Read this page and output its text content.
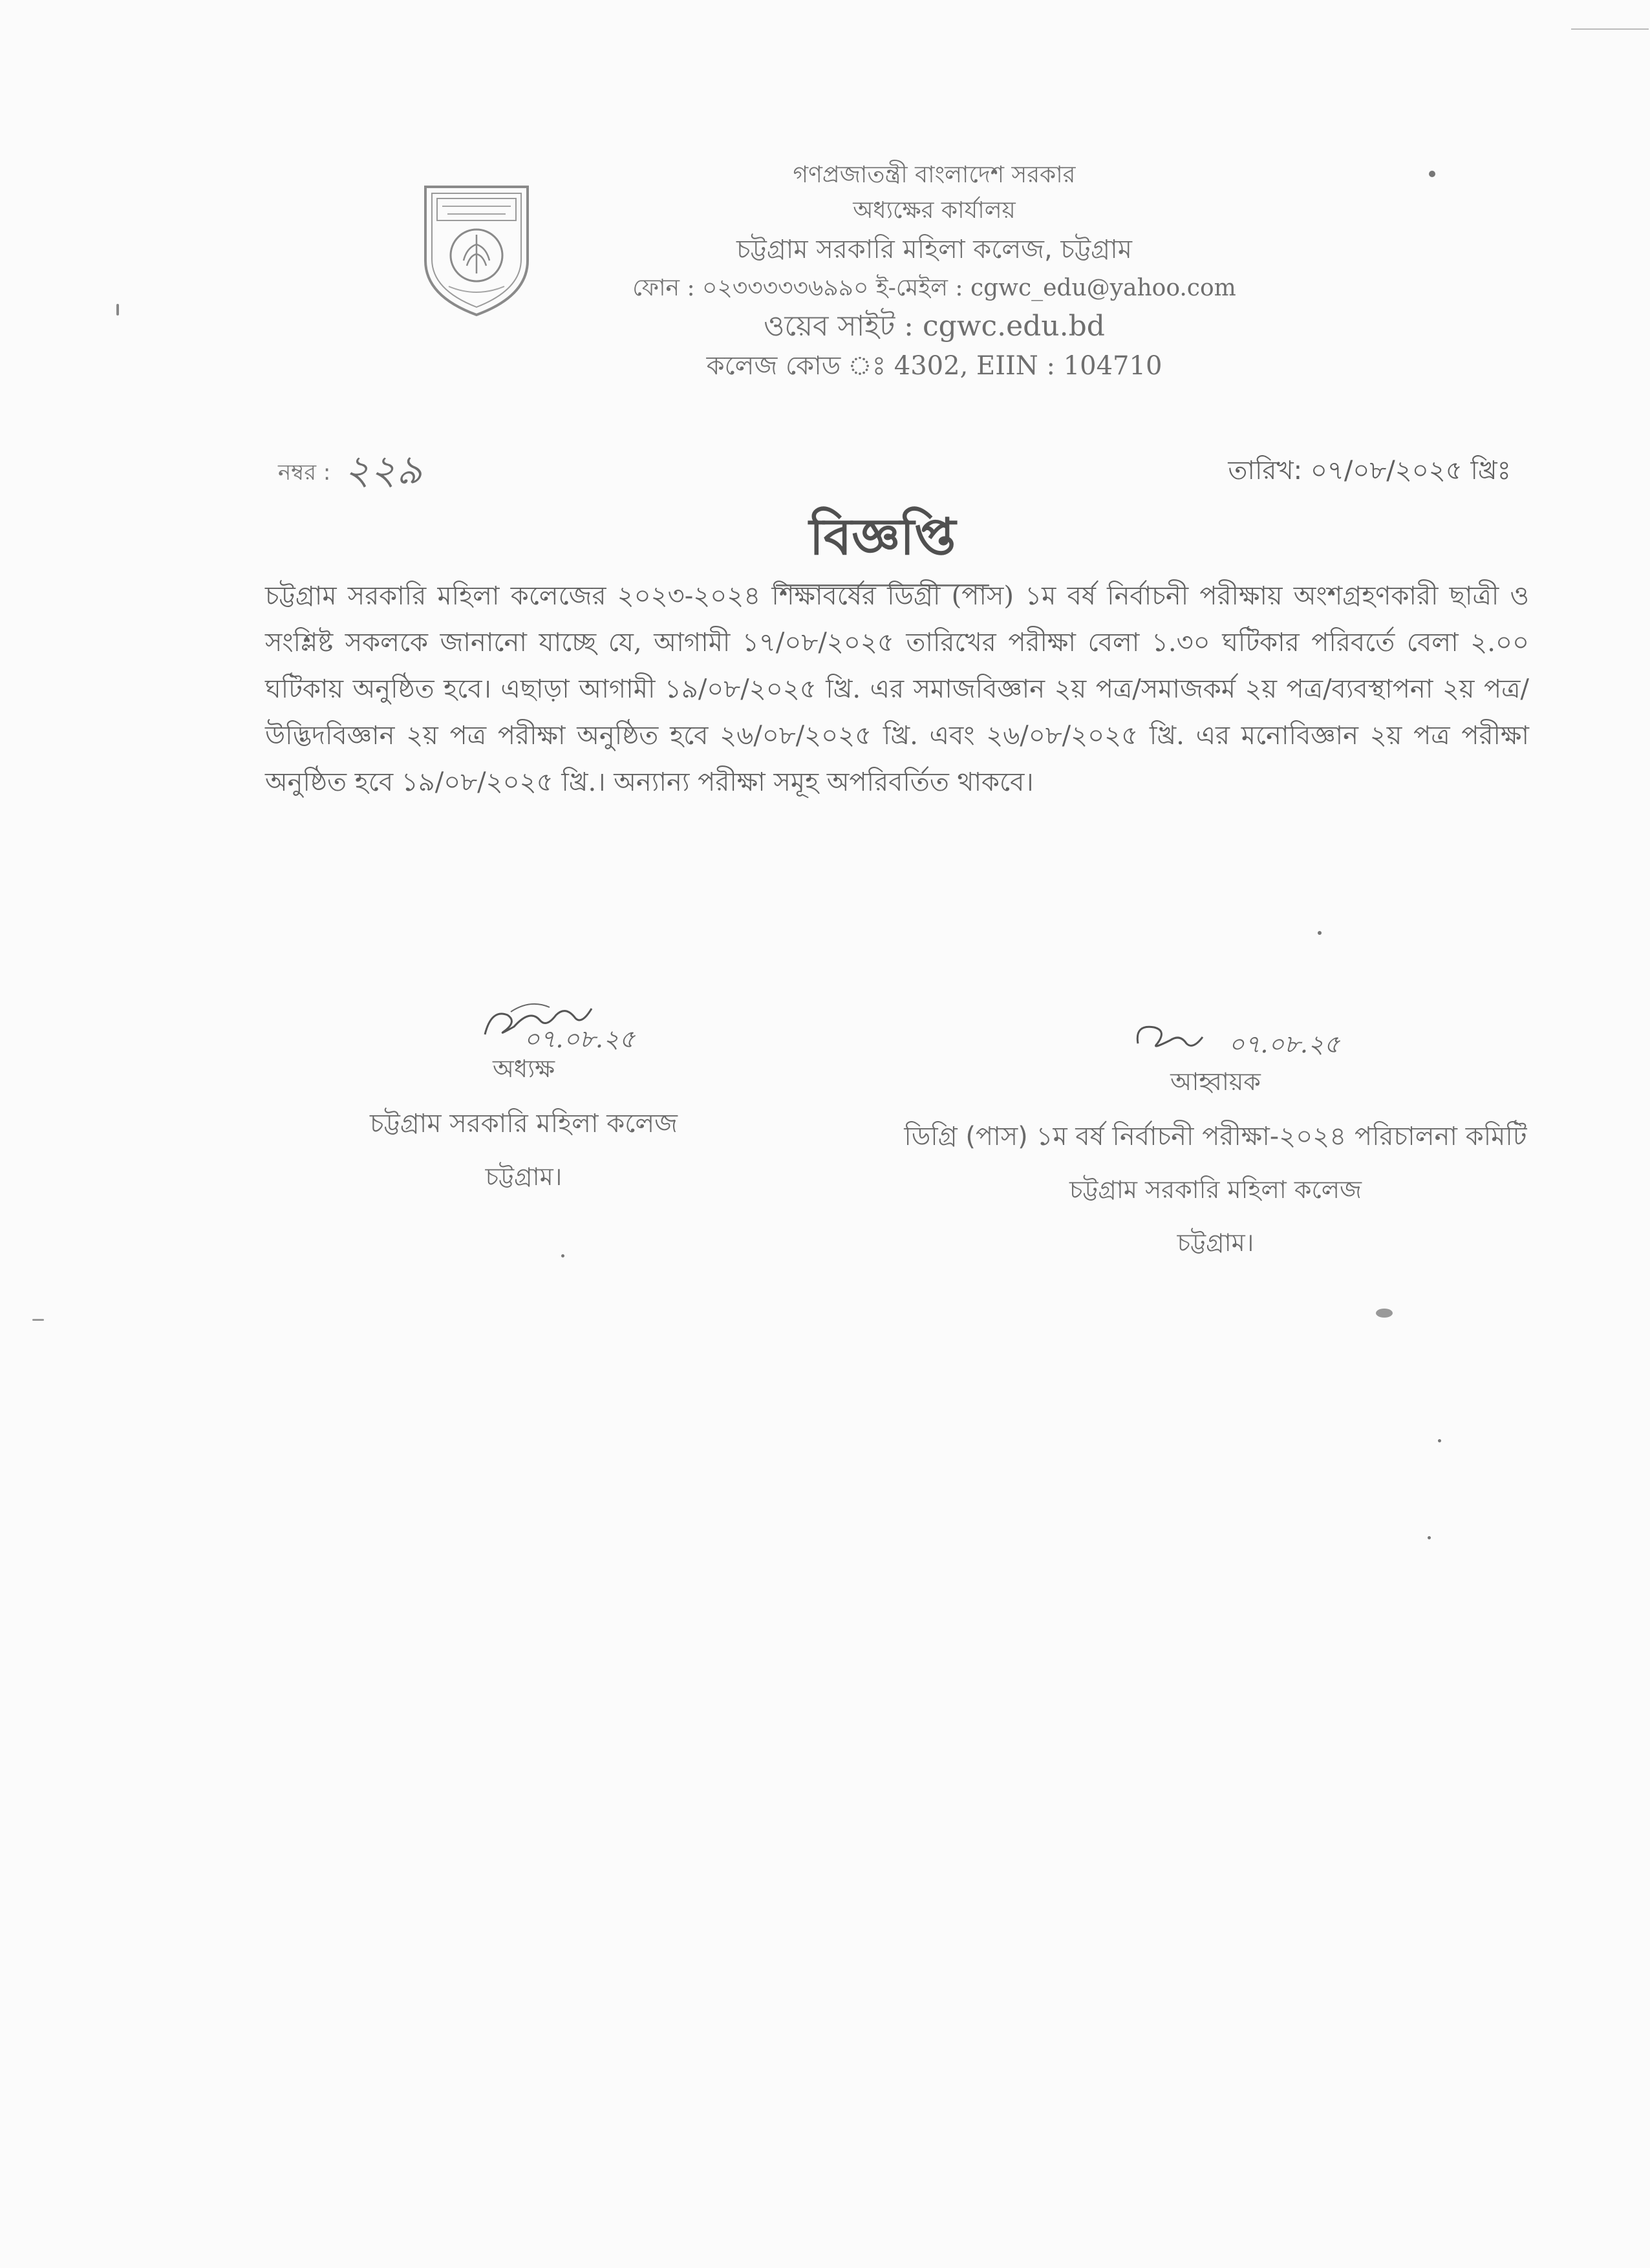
গণপ্রজাতন্ত্রী বাংলাদেশ সরকার
অধ্যক্ষের কার্যালয়
চট্টগ্রাম সরকারি মহিলা কলেজ, চট্টগ্রাম
ফোন : ০২৩৩৩৩৩৬৯৯০ ই-মেইল : cgwc_edu@yahoo.com
ওয়েব সাইট : cgwc.edu.bd
কলেজ কোড ঃ 4302, EIIN : 104710
নম্বর : ২২৯	তারিখ: ০৭/০৮/২০২৫ খ্রিঃ
বিজ্ঞপ্তি
চট্টগ্রাম সরকারি মহিলা কলেজের ২০২৩-২০২৪ শিক্ষাবর্ষের ডিগ্রী (পাস) ১ম বর্ষ নির্বাচনী পরীক্ষায় অংশগ্রহণকারী ছাত্রী ও সংশ্লিষ্ট সকলকে জানানো যাচ্ছে যে, আগামী ১৭/০৮/২০২৫ তারিখের পরীক্ষা বেলা ১.৩০ ঘটিকার পরিবর্তে বেলা ২.০০ ঘটিকায় অনুষ্ঠিত হবে। এছাড়া আগামী ১৯/০৮/২০২৫ খ্রি. এর সমাজবিজ্ঞান ২য় পত্র/সমাজকর্ম ২য় পত্র/ব্যবস্থাপনা ২য় পত্র/উদ্ভিদবিজ্ঞান ২য় পত্র পরীক্ষা অনুষ্ঠিত হবে ২৬/০৮/২০২৫ খ্রি. এবং ২৬/০৮/২০২৫ খ্রি. এর মনোবিজ্ঞান ২য় পত্র পরীক্ষা অনুষ্ঠিত হবে ১৯/০৮/২০২৫ খ্রি.। অন্যান্য পরীক্ষা সমূহ অপরিবর্তিত থাকবে।
০৭.০৮.২৫
অধ্যক্ষ
চট্টগ্রাম সরকারি মহিলা কলেজ
চট্টগ্রাম।
০৭.০৮.২৫
আহ্বায়ক
ডিগ্রি (পাস) ১ম বর্ষ নির্বাচনী পরীক্ষা-২০২৪ পরিচালনা কমিটি
চট্টগ্রাম সরকারি মহিলা কলেজ
চট্টগ্রাম।
